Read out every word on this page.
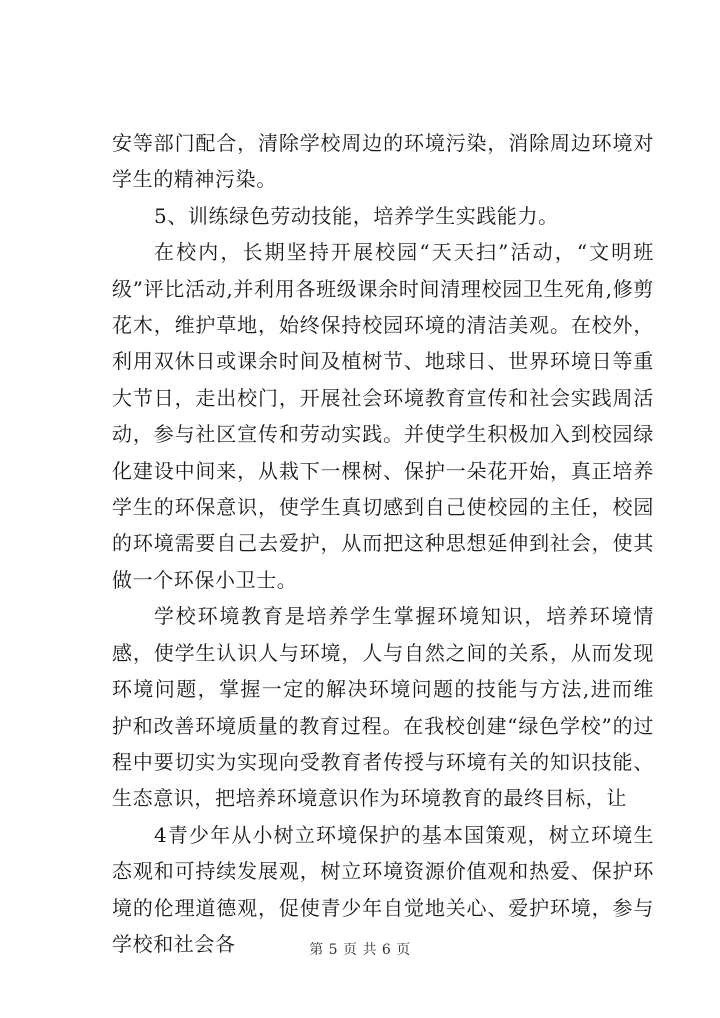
安等部门配合，清除学校周边的环境污染，消除周边环境对学生的精神污染。

5、训练绿色劳动技能，培养学生实践能力。

在校内，长期坚持开展校园“天天扫”活动，“文明班级”评比活动,并利用各班级课余时间清理校园卫生死角,修剪花木，维护草地，始终保持校园环境的清洁美观。在校外，利用双休日或课余时间及植树节、地球日、世界环境日等重大节日，走出校门，开展社会环境教育宣传和社会实践周活动，参与社区宣传和劳动实践。并使学生积极加入到校园绿化建设中间来，从栽下一棵树、保护一朵花开始，真正培养学生的环保意识，使学生真切感到自己使校园的主任，校园的环境需要自己去爱护，从而把这种思想延伸到社会，使其做一个环保小卫士。

学校环境教育是培养学生掌握环境知识，培养环境情感，使学生认识人与环境，人与自然之间的关系，从而发现环境问题，掌握一定的解决环境问题的技能与方法,进而维护和改善环境质量的教育过程。在我校创建“绿色学校”的过程中要切实为实现向受教育者传授与环境有关的知识技能、生态意识，把培养环境意识作为环境教育的最终目标，让

4青少年从小树立环境保护的基本国策观，树立环境生态观和可持续发展观，树立环境资源价值观和热爱、保护环境的伦理道德观，促使青少年自觉地关心、爱护环境，参与学校和社会各	第 5 页 共 6 页
